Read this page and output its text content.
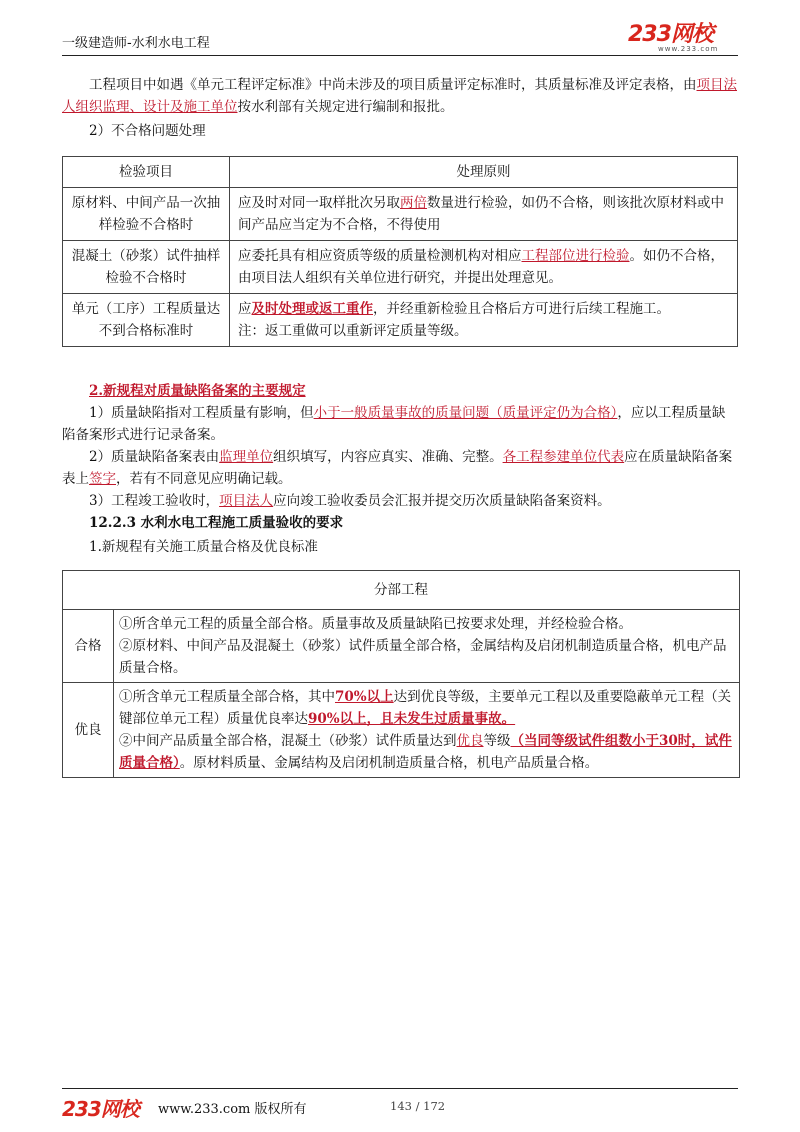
一级建造师-水利水电工程	233网校
www.233.com

工程项目中如遇《单元工程评定标准》中尚未涉及的项目质量评定标准时，其质量标准及评定表格，由项目法人组织监理、设计及施工单位按水利部有关规定进行编制和报批。

2）不合格问题处理

检验项目	处理原则
原材料、中间产品一次抽样检验不合格时	应及时对同一取样批次另取两倍数量进行检验，如仍不合格，则该批次原材料或中间产品应当定为不合格，不得使用
混凝土（砂浆）试件抽样检验不合格时	应委托具有相应资质等级的质量检测机构对相应工程部位进行检验。如仍不合格，由项目法人组织有关单位进行研究，并提出处理意见。
单元（工序）工程质量达不到合格标准时	应及时处理或返工重作，并经重新检验且合格后方可进行后续工程施工。
注：返工重做可以重新评定质量等级。

2.新规程对质量缺陷备案的主要规定

1）质量缺陷指对工程质量有影响，但小于一般质量事故的质量问题（质量评定仍为合格），应以工程质量缺陷备案形式进行记录备案。

2）质量缺陷备案表由监理单位组织填写，内容应真实、准确、完整。各工程参建单位代表应在质量缺陷备案表上签字，若有不同意见应明确记载。

3）工程竣工验收时，项目法人应向竣工验收委员会汇报并提交历次质量缺陷备案资料。

12.2.3 水利水电工程施工质量验收的要求

1.新规程有关施工质量合格及优良标准

分部工程	
合格	①所含单元工程的质量全部合格。质量事故及质量缺陷已按要求处理，并经检验合格。
②原材料、中间产品及混凝土（砂浆）试件质量全部合格，金属结构及启闭机制造质量合格，机电产品质量合格。
优良	①所含单元工程质量全部合格，其中70%以上达到优良等级，主要单元工程以及重要隐蔽单元工程（关键部位单元工程）质量优良率达90%以上，且未发生过质量事故。
②中间产品质量全部合格，混凝土（砂浆）试件质量达到优良等级（当同等级试件组数小于30时，试件质量合格）。原材料质量、金属结构及启闭机制造质量合格，机电产品质量合格。
233网校 www.233.com 版权所有	143 / 172
